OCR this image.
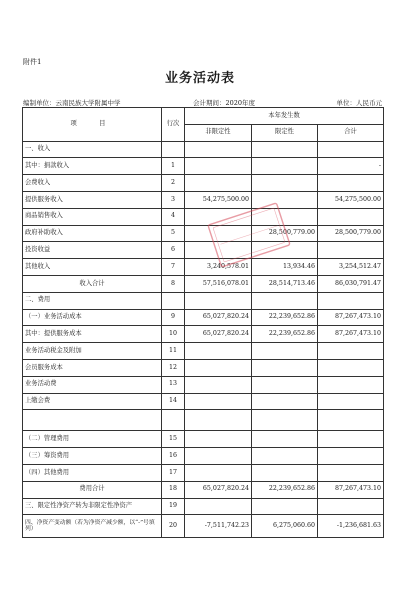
附件1
业务活动表
编制单位：云南民族大学附属中学	会计期间：2020年度	单位：人民币元
项　目	行次	本年发生数		
		非限定性	限定性	合计
一、收入				
其中：捐款收入	1			-
会费收入	2			
提供服务收入	3	54,275,500.00		54,275,500.00
商品销售收入	4			
政府补助收入	5		28,500,779.00	28,500,779.00
投资收益	6			
其他收入	7	3,240,578.01	13,934.46	3,254,512.47
收入合计	8	57,516,078.01	28,514,713.46	86,030,791.47
二、费用				
（一）业务活动成本	9	65,027,820.24	22,239,652.86	87,267,473.10
其中：提供服务成本	10	65,027,820.24	22,239,652.86	87,267,473.10
业务活动税金及附加	11			
会员服务成本	12			
业务活动费	13			
上缴会费	14			

（二）管理费用	15			
（三）筹资费用	16			
（四）其他费用	17			
费用合计	18	65,027,820.24	22,239,652.86	87,267,473.10
三、限定性净资产转为非限定性净资产	19			
四、净资产变动额（若为净资产减少额，以“-”号填列）	20	-7,511,742.23	6,275,060.60	-1,236,681.63
